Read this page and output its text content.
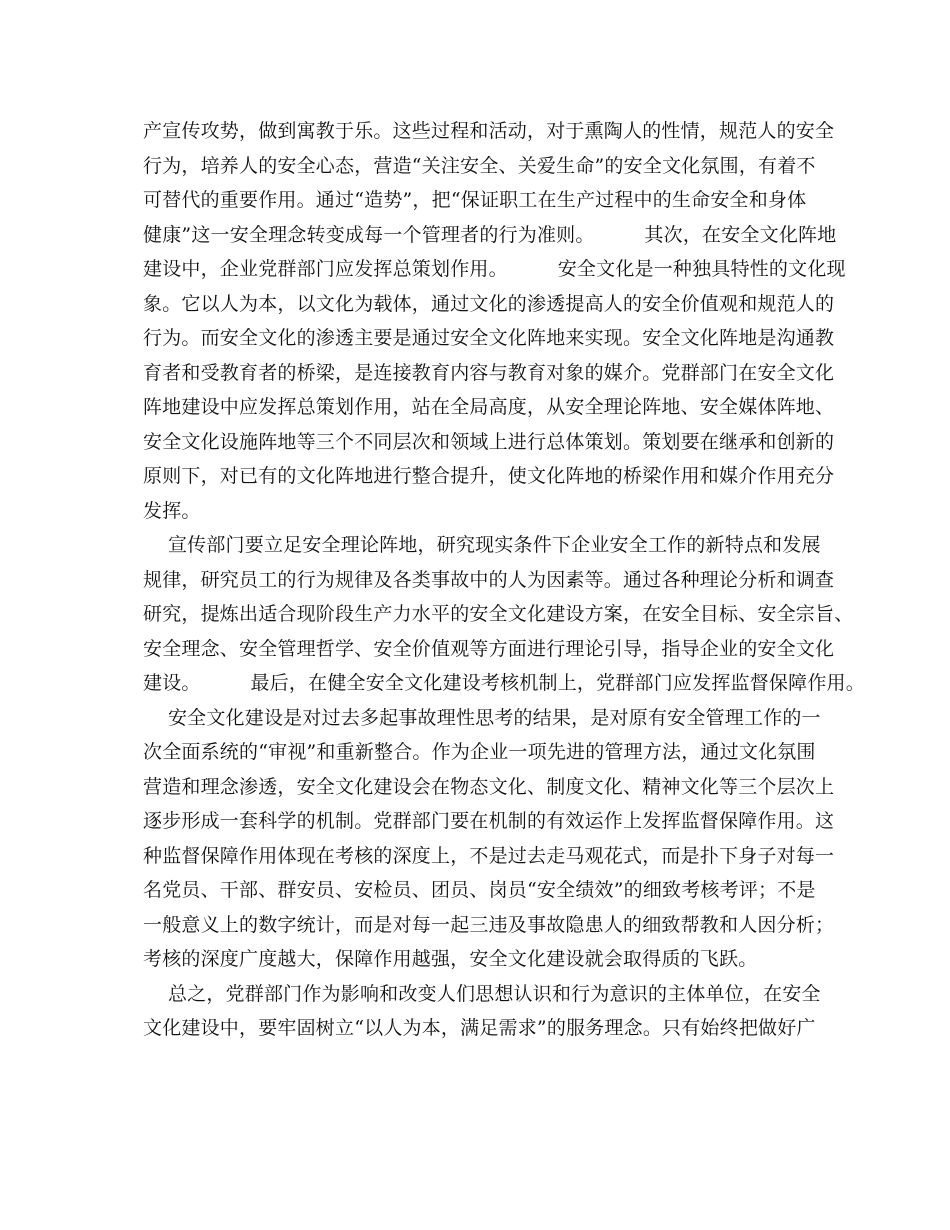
产宣传攻势，做到寓教于乐。这些过程和活动，对于熏陶人的性情，规范人的安全
行为，培养人的安全心态，营造“关注安全、关爱生命”的安全文化氛围，有着不
可替代的重要作用。通过“造势”，把“保证职工在生产过程中的生命安全和身体
健康”这一安全理念转变成每一个管理者的行为准则。        其次，在安全文化阵地
建设中，企业党群部门应发挥总策划作用。        安全文化是一种独具特性的文化现
象。它以人为本，以文化为载体，通过文化的渗透提高人的安全价值观和规范人的
行为。而安全文化的渗透主要是通过安全文化阵地来实现。安全文化阵地是沟通教
育者和受教育者的桥梁，是连接教育内容与教育对象的媒介。党群部门在安全文化
阵地建设中应发挥总策划作用，站在全局高度，从安全理论阵地、安全媒体阵地、
安全文化设施阵地等三个不同层次和领域上进行总体策划。策划要在继承和创新的
原则下，对已有的文化阵地进行整合提升，使文化阵地的桥梁作用和媒介作用充分
发挥。
宣传部门要立足安全理论阵地，研究现实条件下企业安全工作的新特点和发展
规律，研究员工的行为规律及各类事故中的人为因素等。通过各种理论分析和调查
研究，提炼出适合现阶段生产力水平的安全文化建设方案，在安全目标、安全宗旨、
安全理念、安全管理哲学、安全价值观等方面进行理论引导，指导企业的安全文化
建设。        最后，在健全安全文化建设考核机制上，党群部门应发挥监督保障作用。
安全文化建设是对过去多起事故理性思考的结果，是对原有安全管理工作的一
次全面系统的“审视”和重新整合。作为企业一项先进的管理方法，通过文化氛围
营造和理念渗透，安全文化建设会在物态文化、制度文化、精神文化等三个层次上
逐步形成一套科学的机制。党群部门要在机制的有效运作上发挥监督保障作用。这
种监督保障作用体现在考核的深度上，不是过去走马观花式，而是扑下身子对每一
名党员、干部、群安员、安检员、团员、岗员“安全绩效”的细致考核考评；不是
一般意义上的数字统计，而是对每一起三违及事故隐患人的细致帮教和人因分析；
考核的深度广度越大，保障作用越强，安全文化建设就会取得质的飞跃。
总之，党群部门作为影响和改变人们思想认识和行为意识的主体单位，在安全
文化建设中，要牢固树立“以人为本，满足需求”的服务理念。只有始终把做好广
